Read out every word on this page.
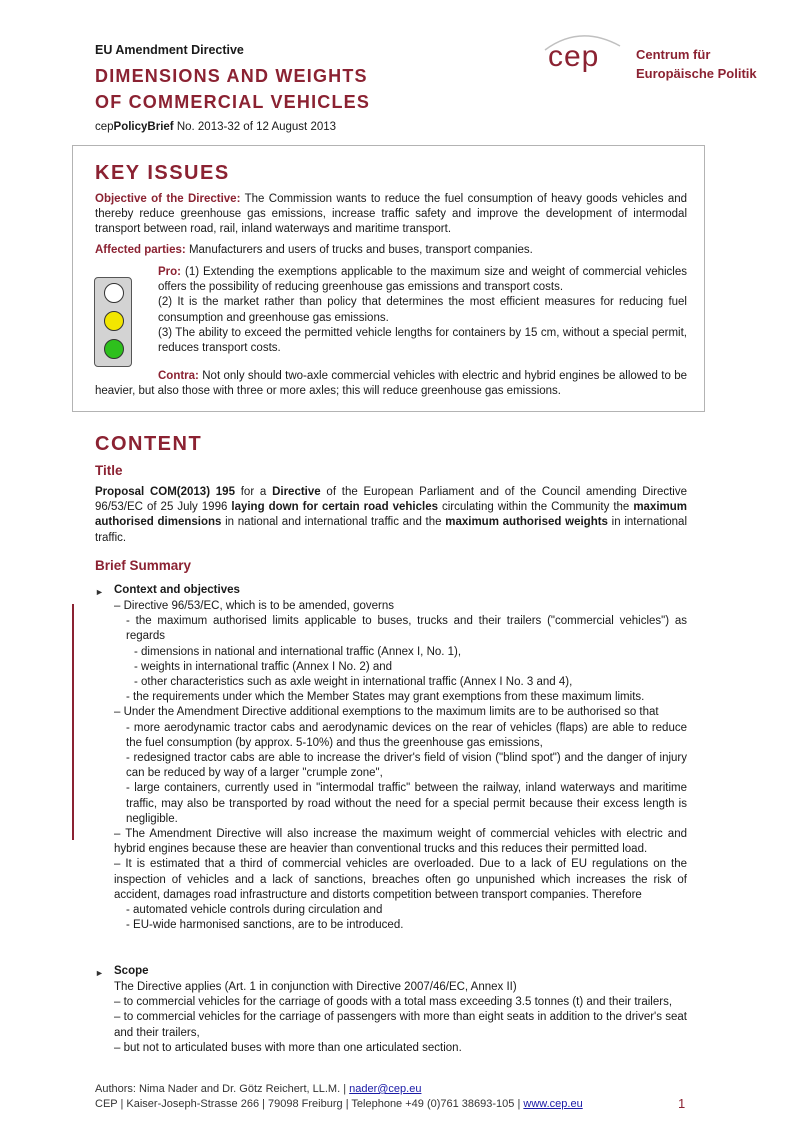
EU Amendment Directive
DIMENSIONS AND WEIGHTS
OF COMMERCIAL VEHICLES
cepPolicyBrief No. 2013-32 of 12 August 2013
cep	Centrum für
Europäische Politik
KEY ISSUES
Objective of the Directive: The Commission wants to reduce the fuel consumption of heavy goods vehicles and thereby reduce greenhouse gas emissions, increase traffic safety and improve the development of intermodal transport between road, rail, inland waterways and maritime transport.
Affected parties: Manufacturers and users of trucks and buses, transport companies.
Pro: (1) Extending the exemptions applicable to the maximum size and weight of commercial vehicles offers the possibility of reducing greenhouse gas emissions and transport costs.
(2) It is the market rather than policy that determines the most efficient measures for reducing fuel consumption and greenhouse gas emissions.
(3) The ability to exceed the permitted vehicle lengths for containers by 15 cm, without a special permit, reduces transport costs.
Contra: Not only should two-axle commercial vehicles with electric and hybrid engines be allowed to be heavier, but also those with three or more axles; this will reduce greenhouse gas emissions.
CONTENT
Title
Proposal COM(2013) 195 for a Directive of the European Parliament and of the Council amending Directive 96/53/EC of 25 July 1996 laying down for certain road vehicles circulating within the Community the maximum authorised dimensions in national and international traffic and the maximum authorised weights in international traffic.
Brief Summary
► Context and objectives
– Directive 96/53/EC, which is to be amended, governs
- the maximum authorised limits applicable to buses, trucks and their trailers ("commercial vehicles") as regards
- dimensions in national and international traffic (Annex I, No. 1),
- weights in international traffic (Annex I No. 2) and
- other characteristics such as axle weight in international traffic (Annex I No. 3 and 4),
- the requirements under which the Member States may grant exemptions from these maximum limits.
– Under the Amendment Directive additional exemptions to the maximum limits are to be authorised so that
- more aerodynamic tractor cabs and aerodynamic devices on the rear of vehicles (flaps) are able to reduce the fuel consumption (by approx. 5-10%) and thus the greenhouse gas emissions,
- redesigned tractor cabs are able to increase the driver's field of vision ("blind spot") and the danger of injury can be reduced by way of a larger "crumple zone",
- large containers, currently used in "intermodal traffic" between the railway, inland waterways and maritime traffic, may also be transported by road without the need for a special permit because their excess length is negligible.
– The Amendment Directive will also increase the maximum weight of commercial vehicles with electric and hybrid engines because these are heavier than conventional trucks and this reduces their permitted load.
– It is estimated that a third of commercial vehicles are overloaded. Due to a lack of EU regulations on the inspection of vehicles and a lack of sanctions, breaches often go unpunished which increases the risk of accident, damages road infrastructure and distorts competition between transport companies. Therefore
- automated vehicle controls during circulation and
- EU-wide harmonised sanctions, are to be introduced.
► Scope
The Directive applies (Art. 1 in conjunction with Directive 2007/46/EC, Annex II)
– to commercial vehicles for the carriage of goods with a total mass exceeding 3.5 tonnes (t) and their trailers,
– to commercial vehicles for the carriage of passengers with more than eight seats in addition to the driver's seat and their trailers,
– but not to articulated buses with more than one articulated section.
Authors: Nima Nader and Dr. Götz Reichert, LL.M. | nader@cep.eu
CEP | Kaiser-Joseph-Strasse 266 | 79098 Freiburg | Telephone +49 (0)761 38693-105 | www.cep.eu	1
